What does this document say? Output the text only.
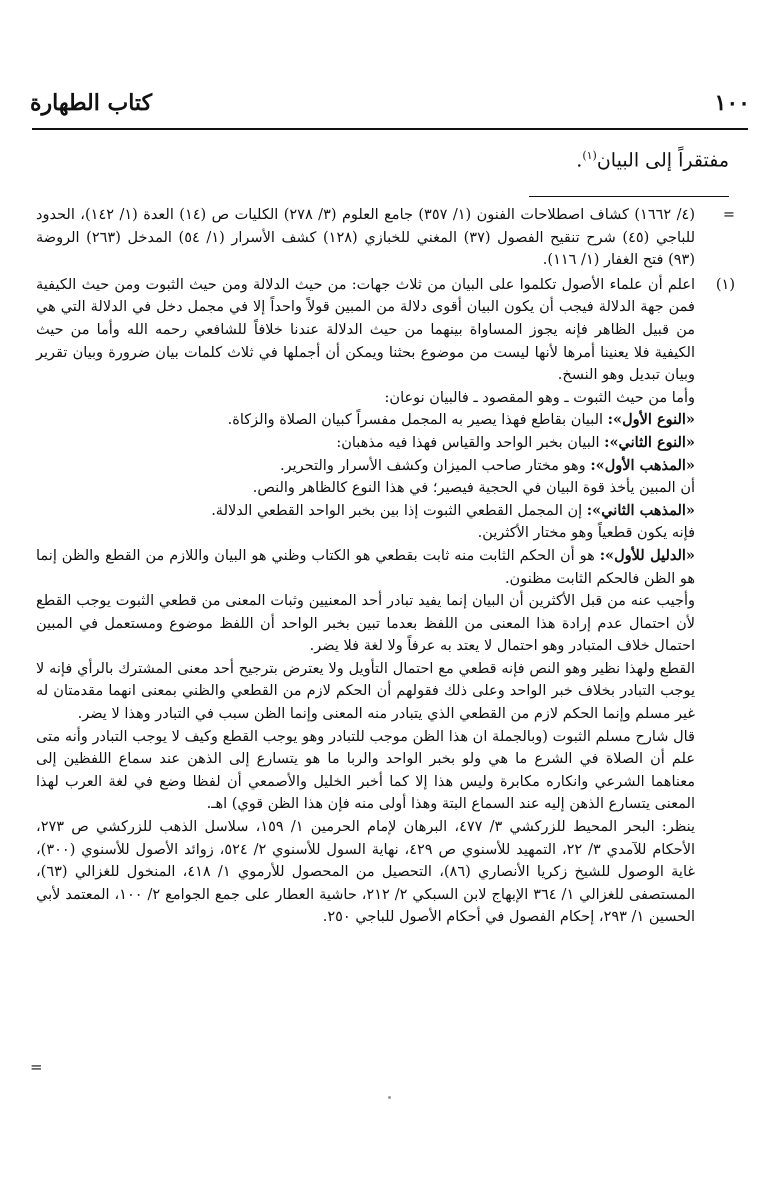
١٠٠
كتاب الطهارة
مفتقراً إلى البيان$^{(١)}$.
=

(٤/ ١٦٦٢) كشاف اصطلاحات الفنون (١/ ٣٥٧) جامع العلوم (٣/ ٢٧٨) الكليات ص (١٤) العدة (١/ ١٤٢)، الحدود للباجي (٤٥) شرح تنقيح الفصول (٣٧) المغني للخبازي (١٢٨) كشف الأسرار (١/ ٥٤) المدخل (٢٦٣) الروضة (٩٣) فتح الغفار (١/ ١١٦).

(١)

اعلم أن علماء الأصول تكلموا على البيان من ثلاث جهات: من حيث الدلالة ومن حيث الثبوت ومن حيث الكيفية فمن جهة الدلالة فيجب أن يكون البيان أقوى دلالة من المبين قولاً واحداً إلا في مجمل دخل في الدلالة التي هي من قبيل الظاهر فإنه يجوز المساواة بينهما من حيث الدلالة عندنا خلافاً للشافعي رحمه الله وأما من حيث الكيفية فلا يعنينا أمرها لأنها ليست من موضوع بحثنا ويمكن أن أجملها في ثلاث كلمات بيان ضرورة وبيان تقرير وبيان تبديل وهو النسخ.

وأما من حيث الثبوت ـ وهو المقصود ـ فالبيان نوعان:

«النوع الأول»: البيان بقاطع فهذا يصير به المجمل مفسراً كبيان الصلاة والزكاة.

«النوع الثاني»: البيان بخبر الواحد والقياس فهذا فيه مذهبان:

«المذهب الأول»: وهو مختار صاحب الميزان وكشف الأسرار والتحرير.

أن المبين يأخذ قوة البيان في الحجية فيصير؛ في هذا النوع كالظاهر والنص.

«المذهب الثاني»: إن المجمل القطعي الثبوت إذا بين بخبر الواحد القطعي الدلالة.

فإنه يكون قطعياً وهو مختار الأكثرين.

«الدليل للأول»: هو أن الحكم الثابت منه ثابت بقطعي هو الكتاب وظني هو البيان واللازم من القطع والظن إنما هو الظن فالحكم الثابت مظنون.

وأجيب عنه من قبل الأكثرين أن البيان إنما يفيد تبادر أحد المعنيين وثبات المعنى من قطعي الثبوت يوجب القطع لأن احتمال عدم إرادة هذا المعنى من اللفظ بعدما تبين بخبر الواحد أن اللفظ موضوع ومستعمل في المبين احتمال خلاف المتبادر وهو احتمال لا يعتد به عرفاً ولا لغة فلا يضر.

القطع ولهذا نظير وهو النص فإنه قطعي مع احتمال التأويل ولا يعترض بترجيح أحد معنى المشترك بالرأي فإنه لا يوجب التبادر بخلاف خبر الواحد وعلى ذلك فقولهم أن الحكم لازم من القطعي والظني بمعنى انهما مقدمتان له غير مسلم وإنما الحكم لازم من القطعي الذي يتبادر منه المعنى وإنما الظن سبب في التبادر وهذا لا يضر.

قال شارح مسلم الثبوت (وبالجملة ان هذا الظن موجب للتبادر وهو يوجب القطع وكيف لا يوجب التبادر وأنه متى علم أن الصلاة في الشرع ما هي ولو بخبر الواحد والربا ما هو يتسارع إلى الذهن عند سماع اللفظين إلى معناهما الشرعي وانكاره مكابرة وليس هذا إلا كما أخبر الخليل والأصمعي أن لفظا وضع في لغة العرب لهذا المعنى يتسارع الذهن إليه عند السماع البتة وهذا أولى منه فإن هذا الظن قوي) اهـ.

ينظر: البحر المحيط للزركشي ٣/ ٤٧٧، البرهان لإمام الحرمين ١/ ١٥٩، سلاسل الذهب للزركشي ص ٢٧٣، الأحكام للآمدي ٣/ ٢٢، التمهيد للأسنوي ص ٤٢٩، نهاية السول للأسنوي ٢/ ٥٢٤، زوائد الأصول للأسنوي (٣٠٠)، غاية الوصول للشيخ زكريا الأنصاري (٨٦)، التحصيل من المحصول للأرموي ١/ ٤١٨، المنخول للغزالي (٦٣)، المستصفى للغزالي ١/ ٣٦٤ الإبهاج لابن السبكي ٢/ ٢١٢، حاشية العطار على جمع الجوامع ٢/ ١٠٠، المعتمد لأبي الحسين ١/ ٢٩٣، إحكام الفصول في أحكام الأصول للباجي ٢٥٠.

=
